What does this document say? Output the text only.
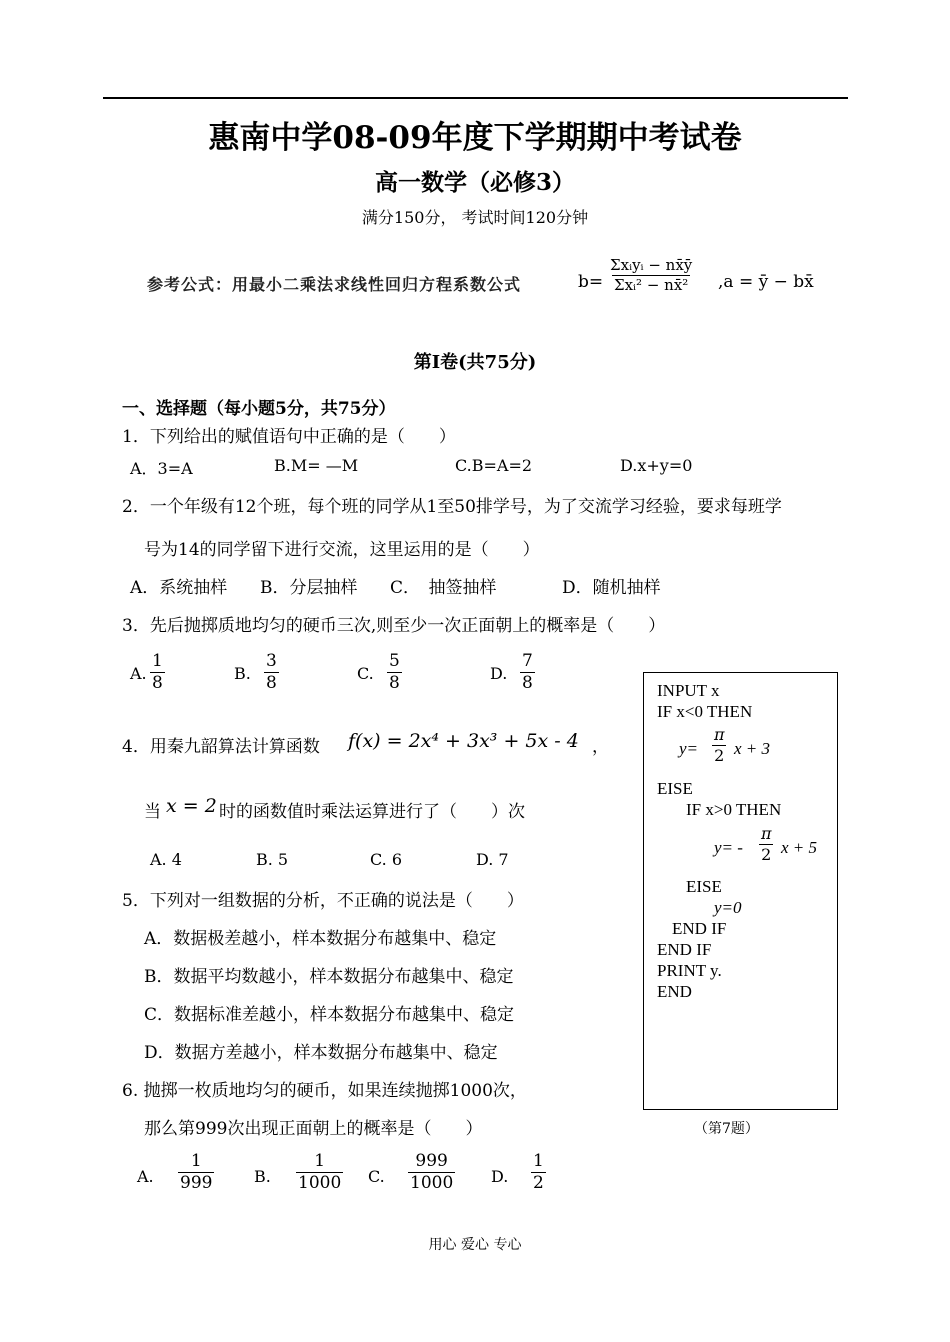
惠南中学08-09年度下学期期中考试卷
高一数学（必修3）
满分150分， 考试时间120分钟
参考公式：用最小二乘法求线性回归方程系数公式	b=
Σxᵢyᵢ − nx̄ȳ
Σxᵢ² − nx̄² ,a = ȳ − bx̄
第I卷(共75分)
一、选择题（每小题5分，共75分）
1．下列给出的赋值语句中正确的是（　　）
A．3=A	B.M= —M	C.B=A=2	D.x+y=0
2．一个年级有12个班，每个班的同学从1至50排学号，为了交流学习经验，要求每班学
号为14的同学留下进行交流，这里运用的是（　　）
A．系统抽样 B．分层抽样 C．　抽签抽样	D．随机抽样
3．先后抛掷质地均匀的硬币三次,则至少一次正面朝上的概率是（　　）
A. $\frac{1}{8}$	B. $\frac{3}{8}$	C. $\frac{5}{8}$	D. $\frac{7}{8}$
4．用秦九韶算法计算函数 f(x) = 2x⁴ + 3x³ + 5x - 4 ，
当 x = 2 时的函数值时乘法运算进行了（　　）次
A. 4	B. 5	C. 6	D. 7
5．下列对一组数据的分析，不正确的说法是（　　）
A．数据极差越小，样本数据分布越集中、稳定
B．数据平均数越小，样本数据分布越集中、稳定
C．数据标准差越小，样本数据分布越集中、稳定
D．数据方差越小，样本数据分布越集中、稳定
6. 抛掷一枚质地均匀的硬币，如果连续抛掷1000次，
那么第999次出现正面朝上的概率是（　　）
A. $\frac{1}{999} B$. $\frac{1}{1000} C$. $\frac{999}{1000} D$. $\frac{1}{2}$
INPUT x
IF x<0 THEN
$y= \frac{\pi}{2}$ x + 3
EISE
IF x>0 THEN
$y= - \frac{\pi}{2}$ x + 5
EISE
y=0
END IF
END IF
PRINT y.
END
（第7题）
用心 爱心 专心
